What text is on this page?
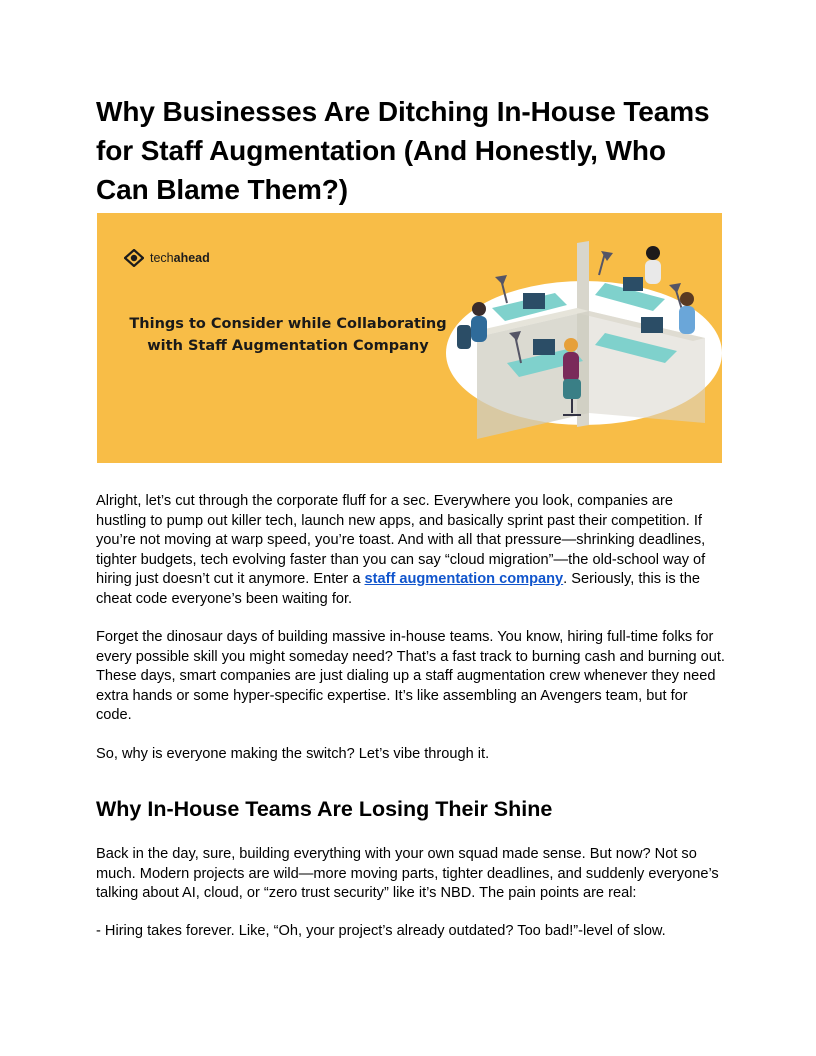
Why Businesses Are Ditching In-House Teams for Staff Augmentation (And Honestly, Who Can Blame Them?)
techahead

Things to Consider while Collaborating
with Staff Augmentation Company

Alright, let’s cut through the corporate fluff for a sec. Everywhere you look, companies are hustling to pump out killer tech, launch new apps, and basically sprint past their competition. If you’re not moving at warp speed, you’re toast. And with all that pressure—shrinking deadlines, tighter budgets, tech evolving faster than you can say “cloud migration”—the old-school way of hiring just doesn’t cut it anymore. Enter a staff augmentation company. Seriously, this is the cheat code everyone’s been waiting for.

Forget the dinosaur days of building massive in-house teams. You know, hiring full-time folks for every possible skill you might someday need? That’s a fast track to burning cash and burning out. These days, smart companies are just dialing up a staff augmentation crew whenever they need extra hands or some hyper-specific expertise. It’s like assembling an Avengers team, but for code.

So, why is everyone making the switch? Let’s vibe through it.

Why In-House Teams Are Losing Their Shine

Back in the day, sure, building everything with your own squad made sense. But now? Not so much. Modern projects are wild—more moving parts, tighter deadlines, and suddenly everyone’s talking about AI, cloud, or “zero trust security” like it’s NBD. The pain points are real:

- Hiring takes forever. Like, “Oh, your project’s already outdated? Too bad!”-level of slow.
